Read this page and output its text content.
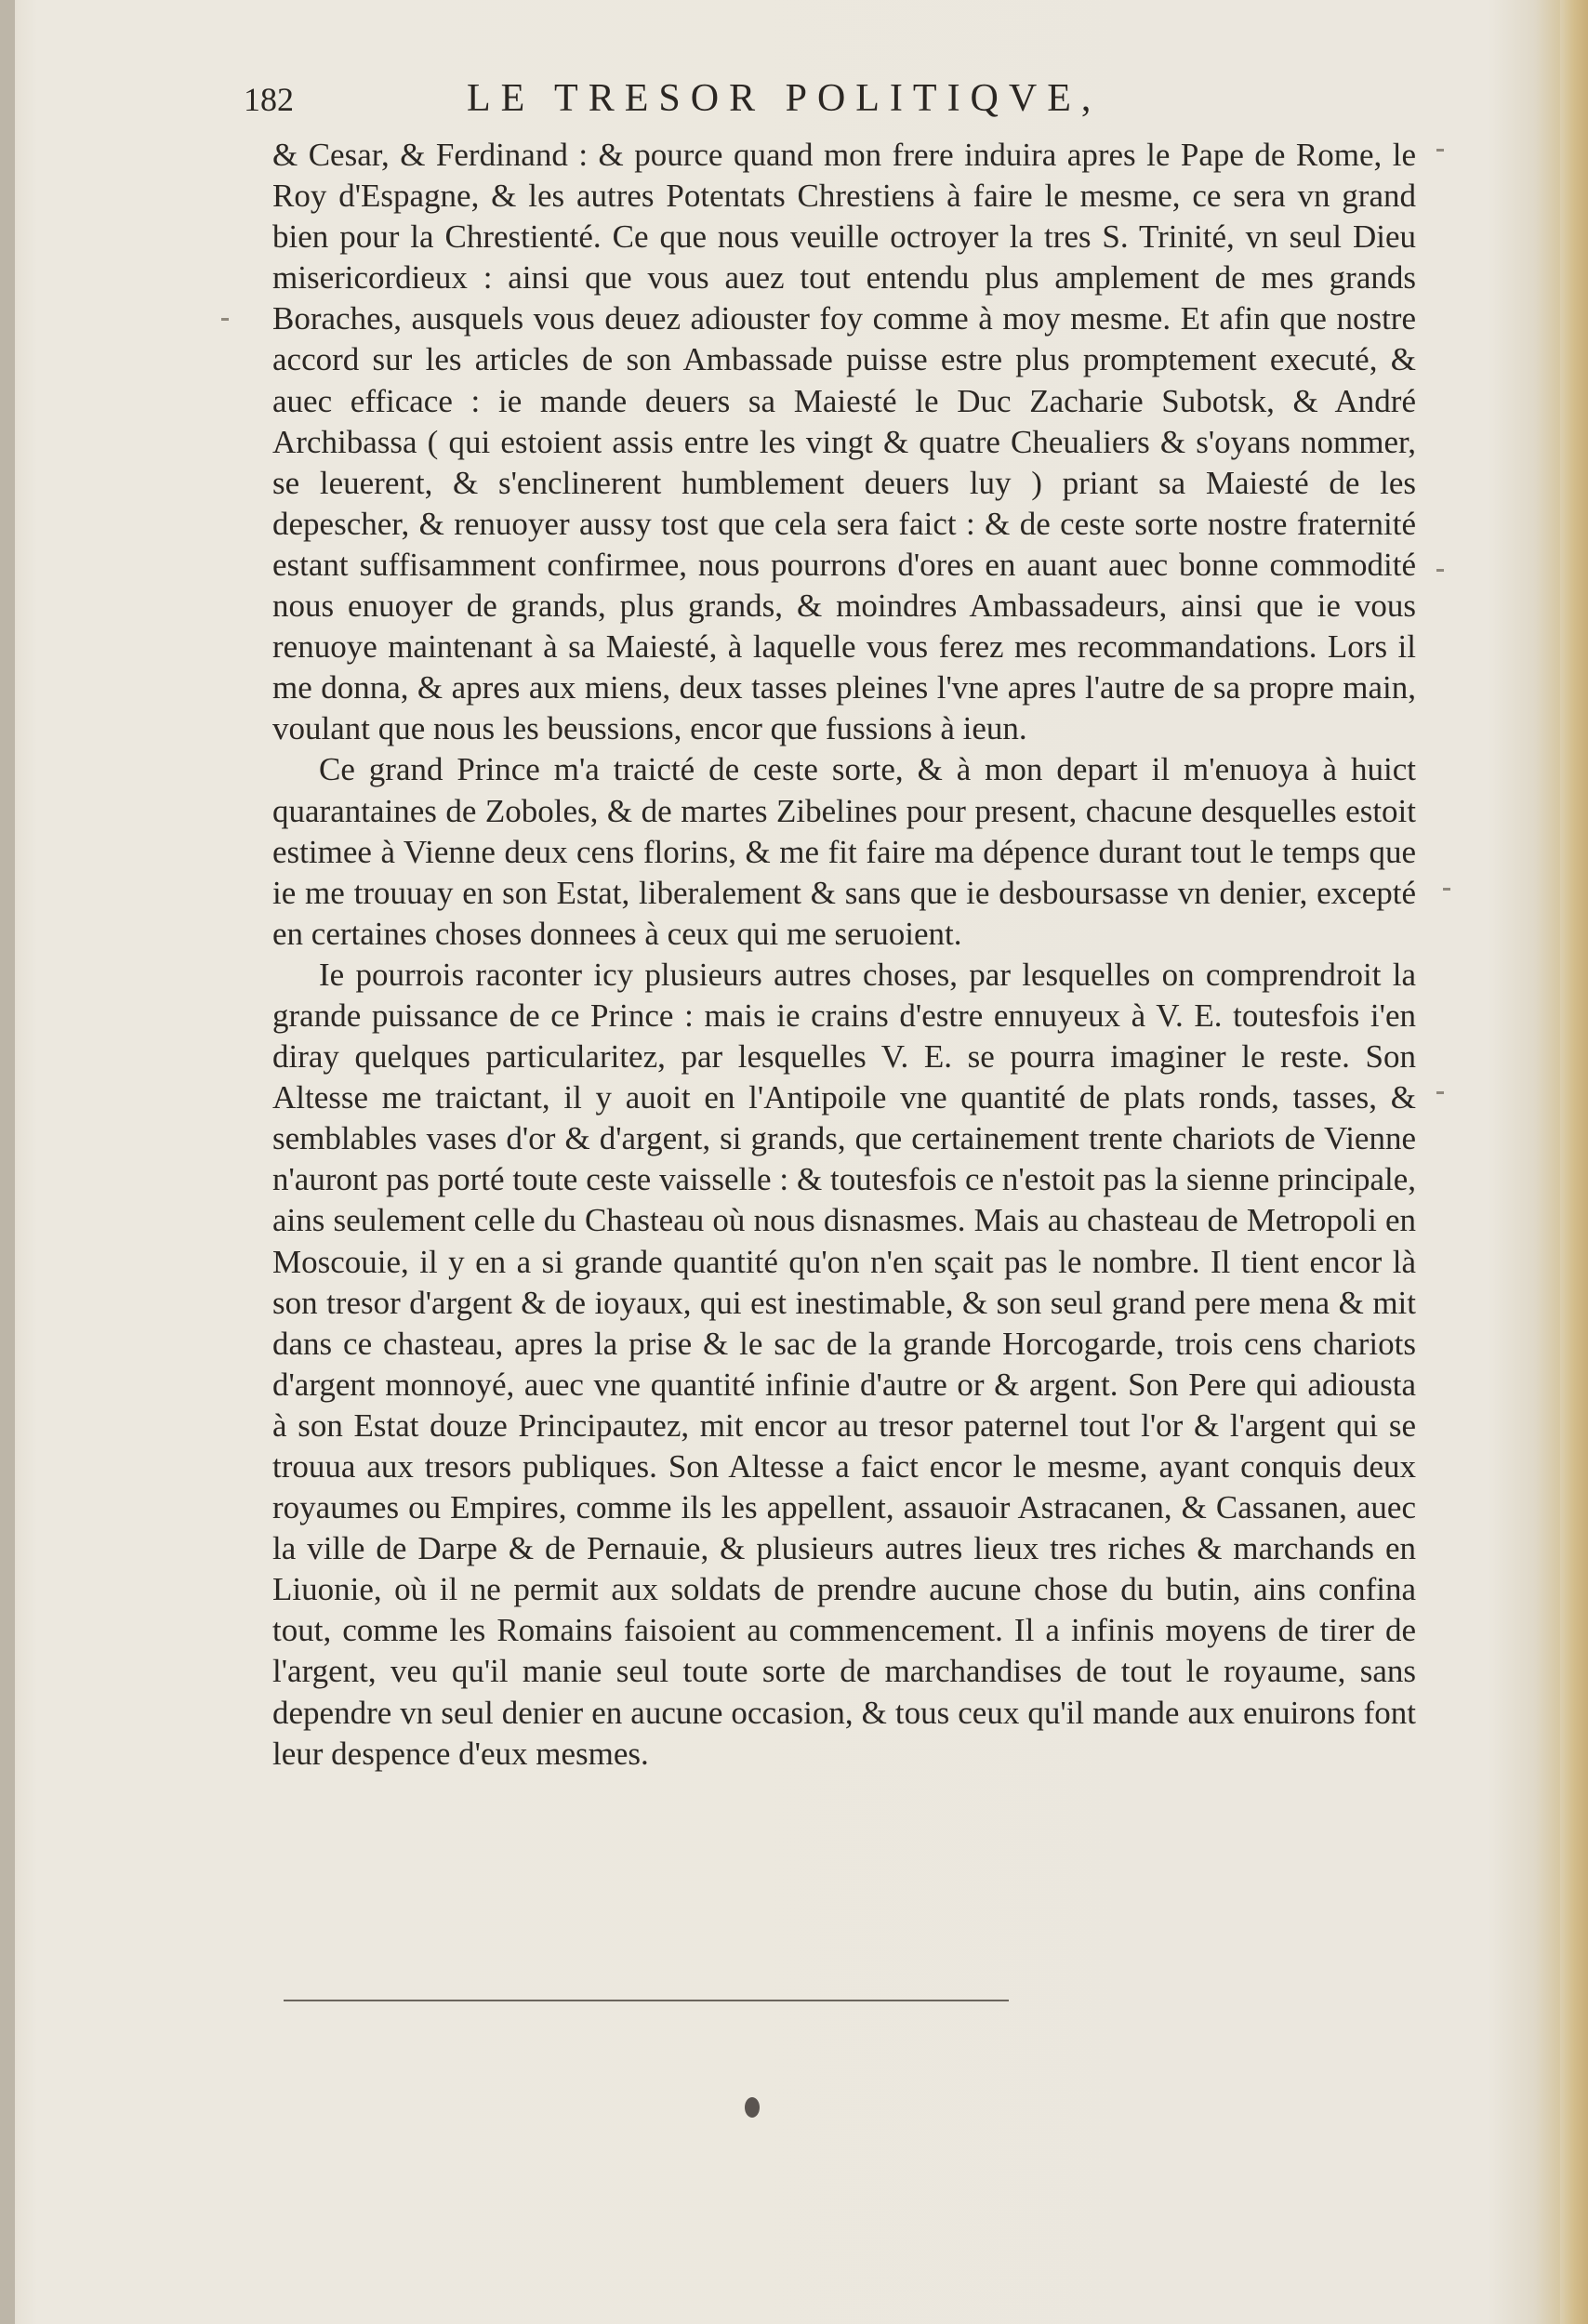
182	LE TRESOR POLITIQVE,

& Cesar, & Ferdinand : & pource quand mon frere induira apres le Pape de Rome, le Roy d'Espagne, & les autres Potentats Chrestiens à faire le mesme, ce sera vn grand bien pour la Chrestienté. Ce que nous veuille octroyer la tres S. Trinité, vn seul Dieu misericordieux : ainsi que vous auez tout entendu plus amplement de mes grands Boraches, ausquels vous deuez adiouster foy comme à moy mesme. Et afin que nostre accord sur les articles de son Ambassade puisse estre plus promptement executé, & auec efficace : ie mande deuers sa Maiesté le Duc Zacharie Subotsk, & André Archibassa ( qui estoient assis entre les vingt & quatre Cheualiers & s'oyans nommer, se leuerent, & s'enclinerent humblement deuers luy ) priant sa Maiesté de les depescher, & renuoyer aussy tost que cela sera faict : & de ceste sorte nostre fraternité estant suffisamment confirmee, nous pourrons d'ores en auant auec bonne commodité nous enuoyer de grands, plus grands, & moindres Ambassadeurs, ainsi que ie vous renuoye maintenant à sa Maiesté, à laquelle vous ferez mes recommandations. Lors il me donna, & apres aux miens, deux tasses pleines l'vne apres l'autre de sa propre main, voulant que nous les beussions, encor que fussions à ieun.

Ce grand Prince m'a traicté de ceste sorte, & à mon depart il m'enuoya à huict quarantaines de Zoboles, & de martes Zibelines pour present, chacune desquelles estoit estimee à Vienne deux cens florins, & me fit faire ma dépence durant tout le temps que ie me trouuay en son Estat, liberalement & sans que ie desboursasse vn denier, excepté en certaines choses donnees à ceux qui me seruoient.

Ie pourrois raconter icy plusieurs autres choses, par lesquelles on comprendroit la grande puissance de ce Prince : mais ie crains d'estre ennuyeux à V. E. toutesfois i'en diray quelques particularitez, par lesquelles V. E. se pourra imaginer le reste. Son Altesse me traictant, il y auoit en l'Antipoile vne quantité de plats ronds, tasses, & semblables vases d'or & d'argent, si grands, que certainement trente chariots de Vienne n'auront pas porté toute ceste vaisselle : & toutesfois ce n'estoit pas la sienne principale, ains seulement celle du Chasteau où nous disnasmes. Mais au chasteau de Metropoli en Moscouie, il y en a si grande quantité qu'on n'en sçait pas le nombre. Il tient encor là son tresor d'argent & de ioyaux, qui est inestimable, & son seul grand pere mena & mit dans ce chasteau, apres la prise & le sac de la grande Horcogarde, trois cens chariots d'argent monnoyé, auec vne quantité infinie d'autre or & argent. Son Pere qui adiousta à son Estat douze Principautez, mit encor au tresor paternel tout l'or & l'argent qui se trouua aux tresors publiques. Son Altesse a faict encor le mesme, ayant conquis deux royaumes ou Empires, comme ils les appellent, assauoir Astracanen, & Cassanen, auec la ville de Darpe & de Pernauie, & plusieurs autres lieux tres riches & marchands en Liuonie, où il ne permit aux soldats de prendre aucune chose du butin, ains confina tout, comme les Romains faisoient au commencement. Il a infinis moyens de tirer de l'argent, veu qu'il manie seul toute sorte de marchandises de tout le royaume, sans dependre vn seul denier en aucune occasion, & tous ceux qu'il mande aux enuirons font leur despence d'eux mesmes.
